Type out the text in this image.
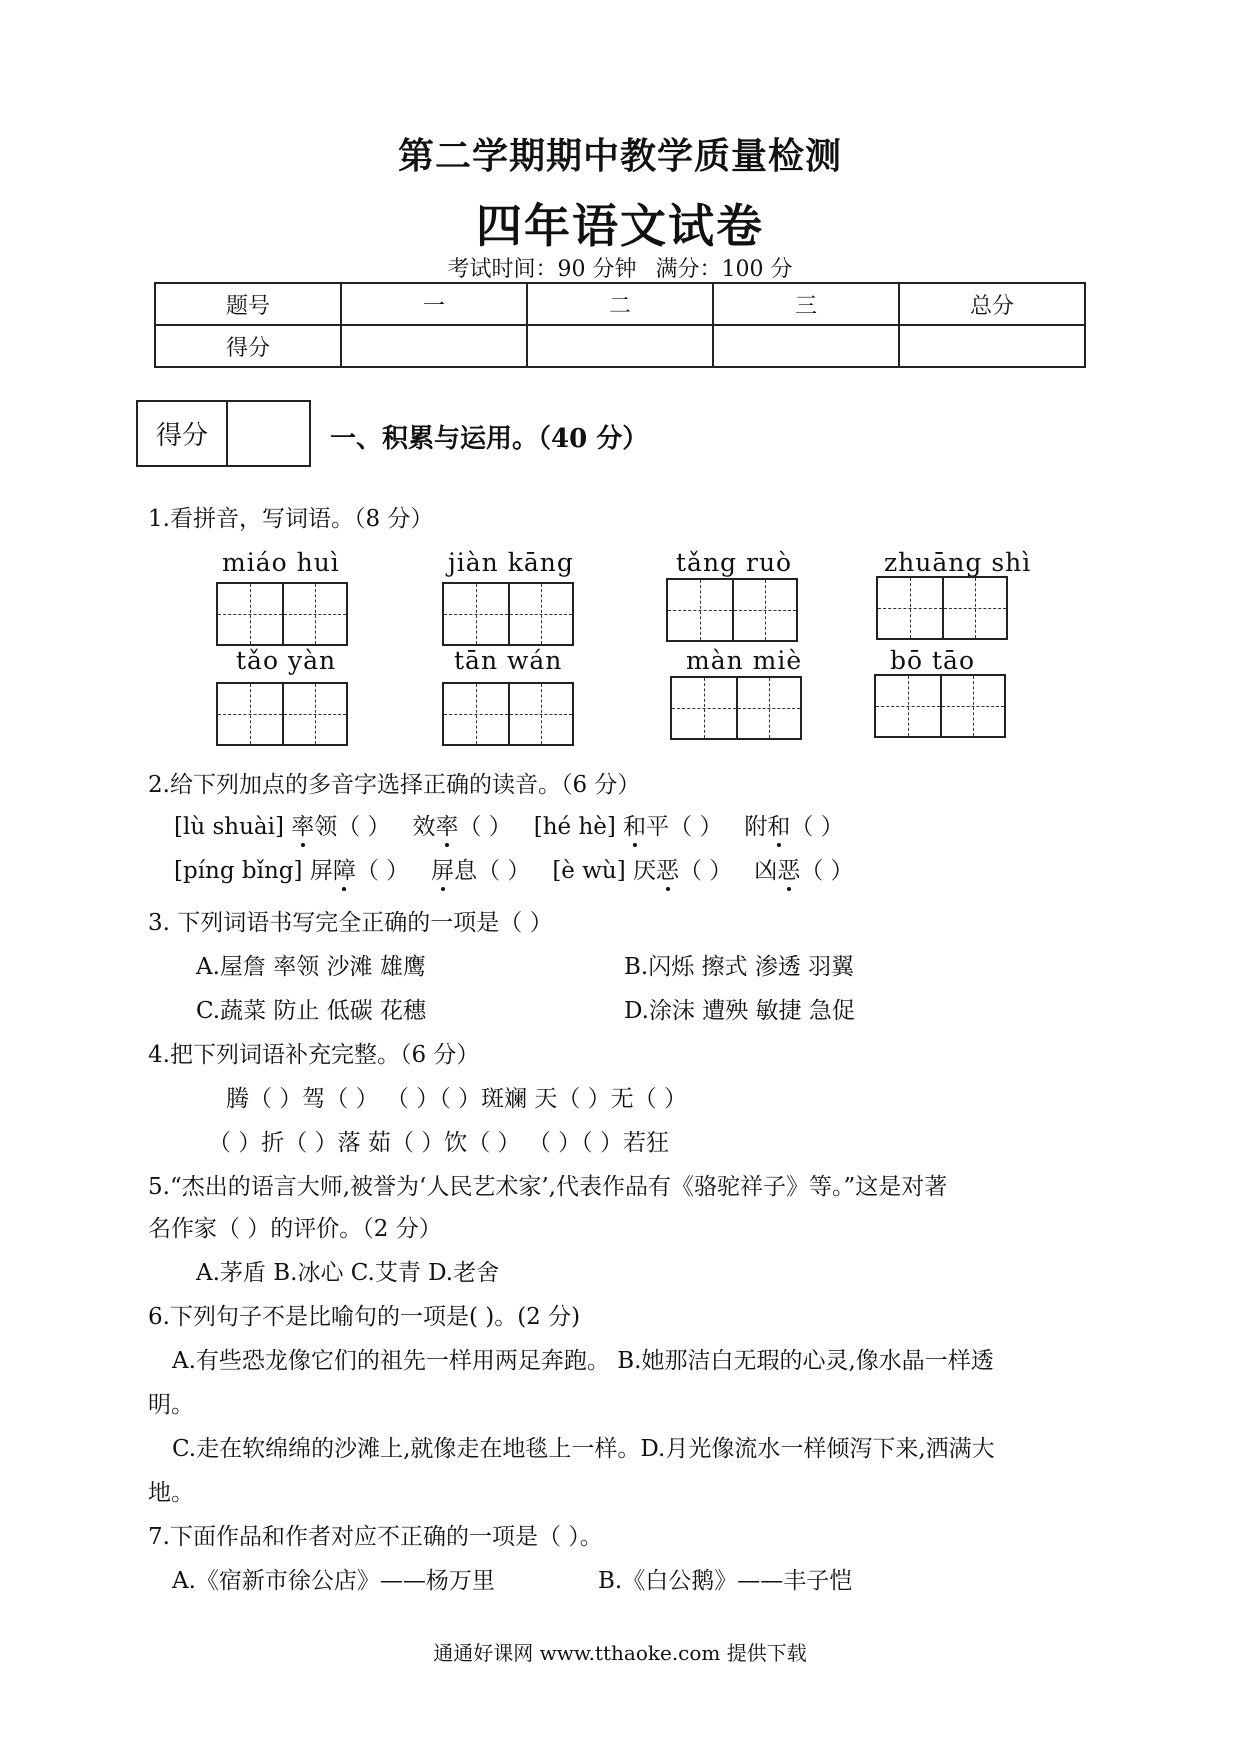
第二学期期中教学质量检测
四年语文试卷
考试时间：90 分钟 满分：100 分
题号	一	二	三	总分
得分				
得分	一、积累与运用。（40 分）
1.看拼音，写词语。（8 分）
miáo huì	jiàn kāng	tǎng ruò	zhuāng shì
tǎo yàn	tān wán	màn miè	bō tāo
2.给下列加点的多音字选择正确的读音。（6 分）
[lù shuài] 率领（ ） 效率（ ） [hé hè] 和平（ ） 附和（ ）
[píng bǐng] 屏障（ ） 屏息（ ） [è wù] 厌恶（ ） 凶恶（ ）
3. 下列词语书写完全正确的一项是（ ）
A.屋詹 率领 沙滩 雄鹰	B.闪烁 擦式 渗透 羽翼
C.蔬菜 防止 低碳 花穗	D.涂沫 遭殃 敏捷 急促
4.把下列词语补充完整。（6 分）
腾（ ）驾（ ） （ ）（ ）斑斓 天（ ）无（ ）
（ ）折（ ）落 茹（ ）饮（ ） （ ）（ ）若狂
5.“杰出的语言大师,被誉为‘人民艺术家’,代表作品有《骆驼祥子》等。”这是对著
名作家（ ）的评价。（2 分）
A.茅盾 B.冰心 C.艾青 D.老舍
6.下列句子不是比喻句的一项是( )。(2 分)
A.有些恐龙像它们的祖先一样用两足奔跑。 B.她那洁白无瑕的心灵,像水晶一样透
明。
C.走在软绵绵的沙滩上,就像走在地毯上一样。D.月光像流水一样倾泻下来,洒满大
地。
7.下面作品和作者对应不正确的一项是（ ）。
A.《宿新市徐公店》——杨万里	B.《白公鹅》——丰子恺
通通好课网 www.tthaoke.com 提供下载
